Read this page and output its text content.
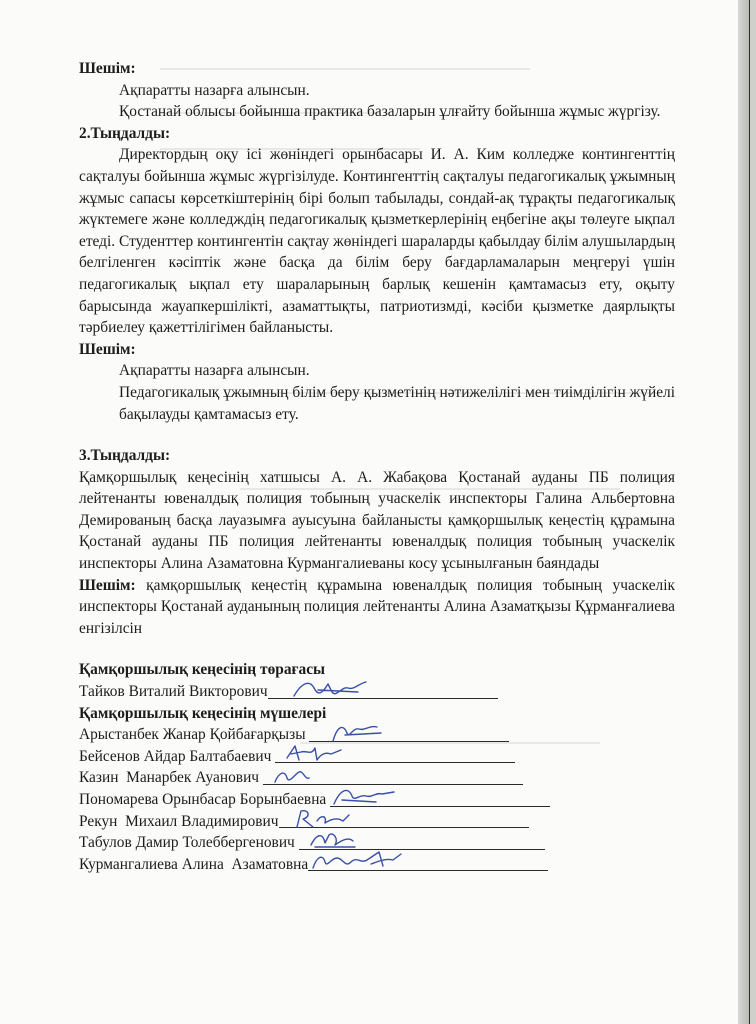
Шешім:

Ақпаратты назарға алынсын.

Қостанай облысы бойынша практика базаларын ұлғайту бойынша жұмыс жүргізу.

2.Тыңдалды:

Директордың оқу ісі жөніндегі орынбасары И. А. Ким колледже контингенттің сақталуы бойынша жұмыс жүргізілуде. Контингенттің сақталуы педагогикалық ұжымның жұмыс сапасы көрсеткіштерінің бірі болып табылады, сондай-ақ тұрақты педагогикалық жүктемеге және колледждің педагогикалық қызметкерлерінің еңбегіне ақы төлеуге ықпал етеді. Студенттер контингентін сақтау жөніндегі шараларды қабылдау білім алушылардың белгіленген кәсіптік және басқа да білім беру бағдарламаларын меңгеруі үшін педагогикалық ықпал ету шараларының барлық кешенін қамтамасыз ету, оқыту барысында жауапкершілікті, азаматтықты, патриотизмді, кәсіби қызметке даярлықты тәрбиелеу қажеттілігімен байланысты.

Шешім:

Ақпаратты назарға алынсын.

Педагогикалық ұжымның білім беру қызметінің нәтижелілігі мен тиімділігін жүйелі бақылауды қамтамасыз ету.

3.Тыңдалды:

Қамқоршылық кеңесінің хатшысы А. А. Жабақова Қостанай ауданы ПБ полиция лейтенанты ювеналдық полиция тобының учаскелік инспекторы Галина Альбертовна Демированың басқа лауазымға ауысуына байланысты қамқоршылық кеңестің құрамына Қостанай ауданы ПБ полиция лейтенанты ювеналдық полиция тобының учаскелік инспекторы Алина Азаматовна Курмангалиеваны косу ұсынылғанын баяндады

Шешім: қамқоршылық кеңестің құрамына ювеналдық полиция тобының учаскелік инспекторы Қостанай ауданының полиция лейтенанты Алина Азаматқызы Құрманғалиева енгізілсін

Қамқоршылық кеңесінің төрағасы

Тайков Виталий Викторович

Қамқоршылық кеңесінің мүшелері

Арыстанбек Жанар Қойбағарқызы
Бейсенов Айдар Балтабаевич
Казин  Манарбек Ауанович
Пономарева Орынбасар Борынбаевна
Рекун  Михаил Владимирович
Табулов Дамир Толеббергенович
Курмангалиева Алина  Азаматовна
